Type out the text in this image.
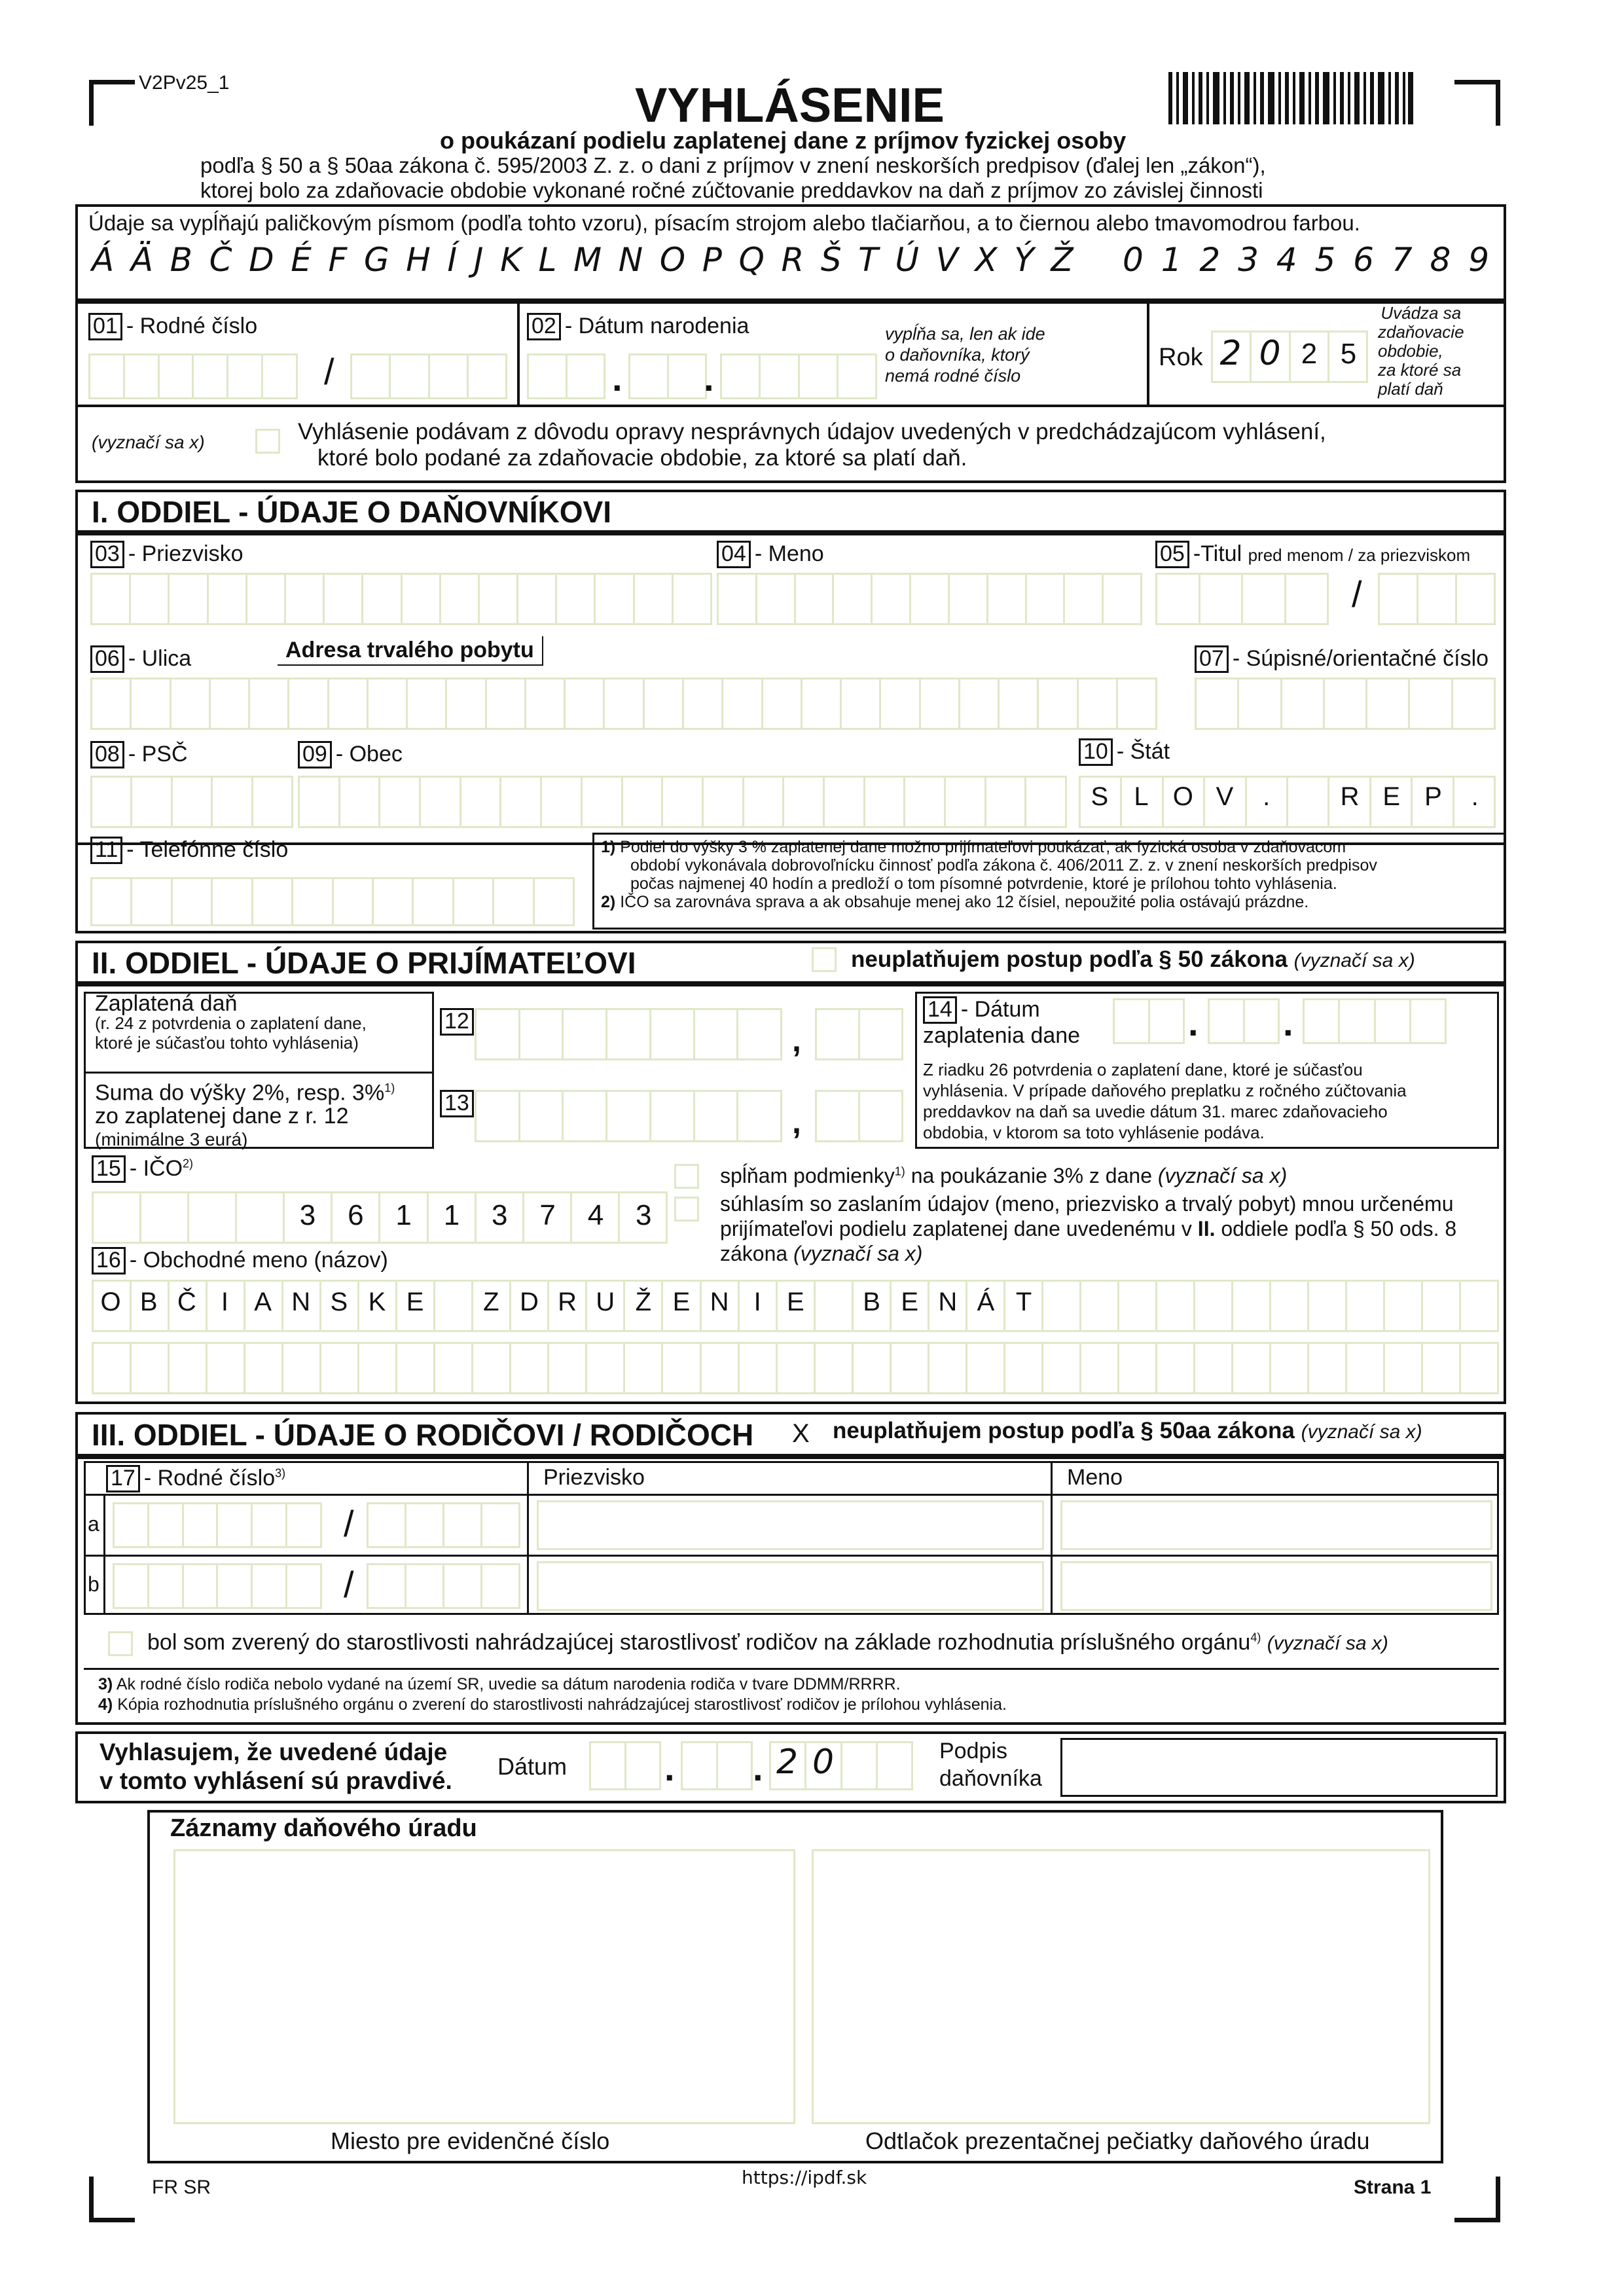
V2Pv25_1	VYHLÁSENIE
o poukázaní podielu zaplatenej dane z príjmov fyzickej osoby
podľa § 50 a § 50aa zákona č. 595/2003 Z. z. o dani z príjmov v znení neskorších predpisov (ďalej len „zákon“),
ktorej bolo za zdaňovacie obdobie vykonané ročné zúčtovanie preddavkov na daň z príjmov zo závislej činnosti
Údaje sa vypĺňajú paličkovým písmom (podľa tohto vzoru), písacím strojom alebo tlačiarňou, a to čiernou alebo tmavomodrou farbou.
Á Ä B Č D É F G H Í J K L M N O P Q R Š T Ú V X Ý Ž 0 1 2 3 4 5 6 7 8 9
01 - Rodné číslo
/
02 - Dátum narodenia
. .
vypĺňa sa, len ak ide
o daňovníka, ktorý
nemá rodné číslo
Rok 2 0 2 5
Uvádza sa
zdaňovacie
obdobie,
za ktoré sa
platí daň
(vyznačí sa x)	Vyhlásenie podávam z dôvodu opravy nesprávnych údajov uvedených v predchádzajúcom vyhlásení,
ktoré bolo podané za zdaňovacie obdobie, za ktoré sa platí daň.
I. ODDIEL - ÚDAJE O DAŇOVNÍKOVI
03 - Priezvisko	04 - Meno	05 -Titul pred menom / za priezviskom
/
06 - Ulica	Adresa trvalého pobytu	07 - Súpisné/orientačné číslo
08 - PSČ	09 - Obec	10 - Štát
S L O V	.	R E P	.
11 - Telefónne číslo	1) Podiel do výšky 3 % zaplatenej dane možno prijímateľovi poukázať, ak fyzická osoba v zdaňovacom
období vykonávala dobrovoľnícku činnosť podľa zákona č. 406/2011 Z. z. v znení neskorších predpisov
počas najmenej 40 hodín a predloží o tom písomné potvrdenie, ktoré je prílohou tohto vyhlásenia.
2) IČO sa zarovnáva sprava a ak obsahuje menej ako 12 čísiel, nepoužité polia ostávajú prázdne.
II. ODDIEL - ÚDAJE O PRIJÍMATEĽOVI	neuplatňujem postup podľa § 50 zákona (vyznačí sa x)
Zaplatená daň
(r. 24 z potvrdenia o zaplatení dane,
ktoré je súčasťou tohto vyhlásenia)
Suma do výšky 2%, resp. 3%$^{1)}$
zo zaplatenej dane z r. 12
(minimálne 3 eurá)
12
,
13
,
14 - Dátum
zaplatenia dane	. .
Z riadku 26 potvrdenia o zaplatení dane, ktoré je súčasťou
vyhlásenia. V prípade daňového preplatku z ročného zúčtovania
preddavkov na daň sa uvedie dátum 31. marec zdaňovacieho
obdobia, v ktorom sa toto vyhlásenie podáva.
15 - IČO$^{2)}$
3	6	1	1	3	7	4	3
spĺňam podmienky$^{1)}$ na poukázanie 3% z dane (vyznačí sa x)
súhlasím so zaslaním údajov (meno, priezvisko a trvalý pobyt) mnou určenému
prijímateľovi podielu zaplatenej dane uvedenému v II. oddiele podľa § 50 ods. 8
zákona (vyznačí sa x)
16 - Obchodné meno (názov)
O B Č I A N S K E	Z D R U Ž E N I E	B E N Á T
III. ODDIEL - ÚDAJE O RODIČOVI / RODIČOCH X neuplatňujem postup podľa § 50aa zákona (vyznačí sa x)
17 - Rodné číslo$^{3)}$	Priezvisko	Meno
a
b
/
/
bol som zverený do starostlivosti nahrádzajúcej starostlivosť rodičov na základe rozhodnutia príslušného orgánu$^{4)}$ (vyznačí sa x)
3) Ak rodné číslo rodiča nebolo vydané na území SR, uvedie sa dátum narodenia rodiča v tvare DDMM/RRRR.
4) Kópia rozhodnutia príslušného orgánu o zverení do starostlivosti nahrádzajúcej starostlivosť rodičov je prílohou vyhlásenia.
Vyhlasujem, že uvedené údaje
v tomto vyhlásení sú pravdivé.
Dátum	. . 2 0	Podpis
daňovníka
Záznamy daňového úradu
Miesto pre evidenčné číslo	Odtlačok prezentačnej pečiatky daňového úradu
FR SR	https://ipdf.sk	Strana 1
